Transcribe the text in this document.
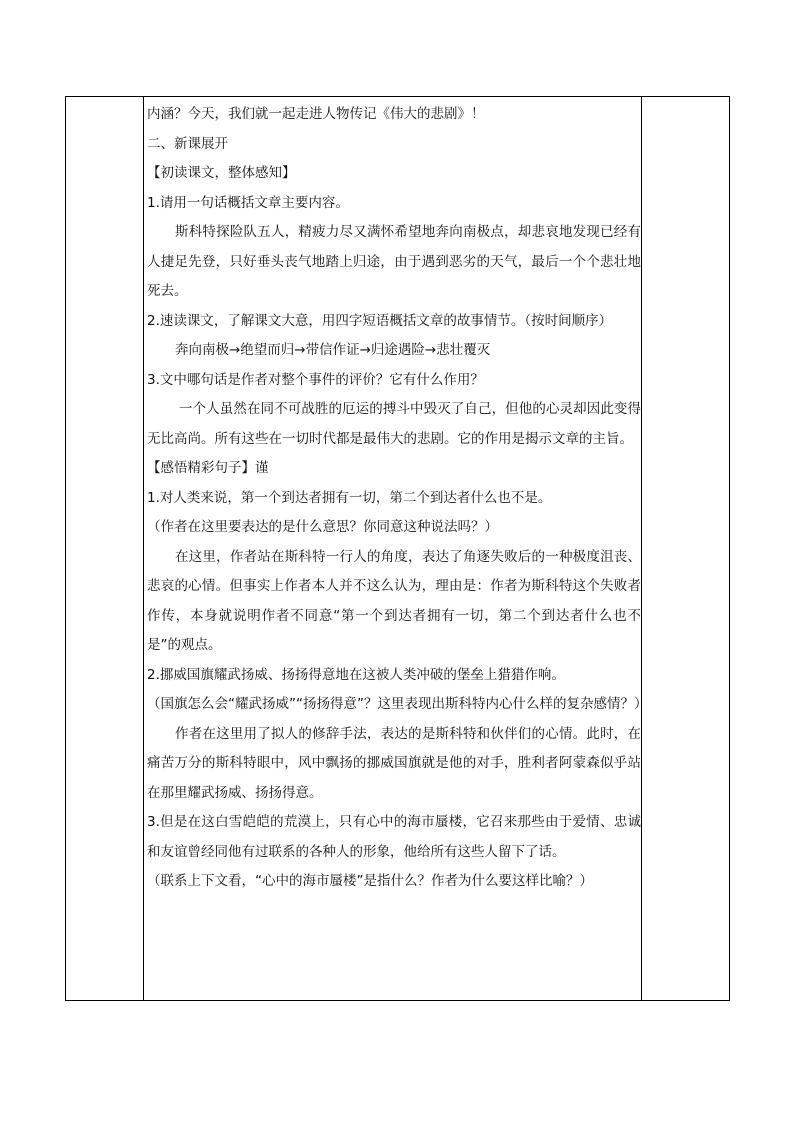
内涵？今天，我们就一起走进人物传记《伟大的悲剧》！
二、新课展开
【初读课文，整体感知】
1.请用一句话概括文章主要内容。
斯科特探险队五人，精疲力尽又满怀希望地奔向南极点，却悲哀地发现已经有人捷足先登，只好垂头丧气地踏上归途，由于遇到恶劣的天气，最后一个个悲壮地死去。
2.速读课文，了解课文大意，用四字短语概括文章的故事情节。（按时间顺序）
奔向南极→绝望而归→带信作证→归途遇险→悲壮覆灭
3.文中哪句话是作者对整个事件的评价？它有什么作用？
一个人虽然在同不可战胜的厄运的搏斗中毁灭了自己，但他的心灵却因此变得无比高尚。所有这些在一切时代都是最伟大的悲剧。它的作用是揭示文章的主旨。
【感悟精彩句子】谨
1.对人类来说，第一个到达者拥有一切，第二个到达者什么也不是。
（作者在这里要表达的是什么意思？你同意这种说法吗？）
在这里，作者站在斯科特一行人的角度，表达了角逐失败后的一种极度沮丧、悲哀的心情。但事实上作者本人并不这么认为，理由是：作者为斯科特这个失败者作传，本身就说明作者不同意“第一个到达者拥有一切，第二个到达者什么也不是”的观点。
2.挪威国旗耀武扬威、扬扬得意地在这被人类冲破的堡垒上猎猎作响。
（国旗怎么会“耀武扬威”“扬扬得意”？这里表现出斯科特内心什么样的复杂感情？）
作者在这里用了拟人的修辞手法，表达的是斯科特和伙伴们的心情。此时，在痛苦万分的斯科特眼中，风中飘扬的挪威国旗就是他的对手，胜利者阿蒙森似乎站在那里耀武扬威、扬扬得意。
3.但是在这白雪皑皑的荒漠上，只有心中的海市蜃楼，它召来那些由于爱情、忠诚和友谊曾经同他有过联系的各种人的形象，他给所有这些人留下了话。
（联系上下文看，“心中的海市蜃楼”是指什么？作者为什么要这样比喻？）
